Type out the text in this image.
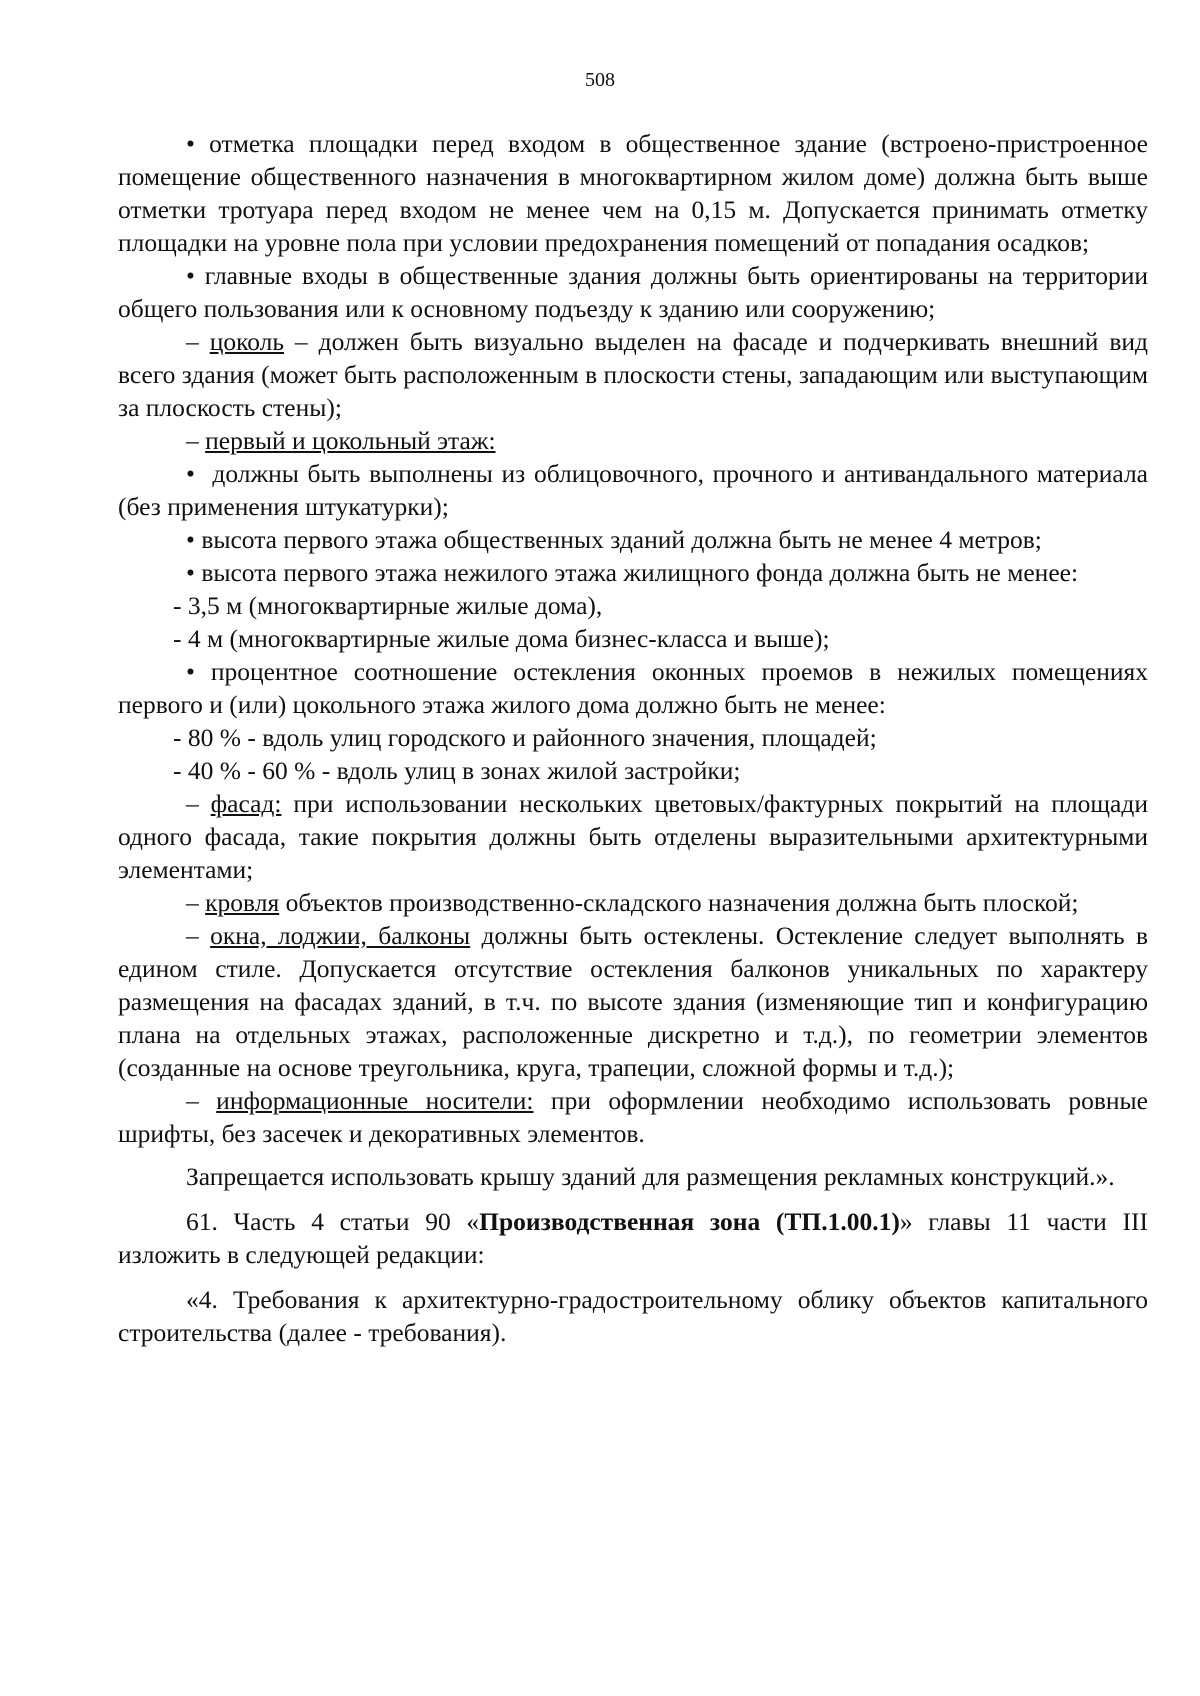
508

• отметка площадки перед входом в общественное здание (встроено-пристроенное помещение общественного назначения в многоквартирном жилом доме) должна быть выше отметки тротуара перед входом не менее чем на 0,15 м. Допускается принимать отметку площадки на уровне пола при условии предохранения помещений от попадания осадков;

• главные входы в общественные здания должны быть ориентированы на территории общего пользования или к основному подъезду к зданию или сооружению;

– цоколь – должен быть визуально выделен на фасаде и подчеркивать внешний вид всего здания (может быть расположенным в плоскости стены, западающим или выступающим за плоскость стены);

– первый и цокольный этаж:

• должны быть выполнены из облицовочного, прочного и антивандального материала (без применения штукатурки);

• высота первого этажа общественных зданий должна быть не менее 4 метров;

• высота первого этажа нежилого этажа жилищного фонда должна быть не менее:

- 3,5 м (многоквартирные жилые дома),

- 4 м (многоквартирные жилые дома бизнес-класса и выше);

• процентное соотношение остекления оконных проемов в нежилых помещениях первого и (или) цокольного этажа жилого дома должно быть не менее:

- 80 % - вдоль улиц городского и районного значения, площадей;

- 40 % - 60 % - вдоль улиц в зонах жилой застройки;

– фасад: при использовании нескольких цветовых/фактурных покрытий на площади одного фасада, такие покрытия должны быть отделены выразительными архитектурными элементами;

– кровля объектов производственно-складского назначения должна быть плоской;

– окна, лоджии, балконы должны быть остеклены. Остекление следует выполнять в едином стиле. Допускается отсутствие остекления балконов уникальных по характеру размещения на фасадах зданий, в т.ч. по высоте здания (изменяющие тип и конфигурацию плана на отдельных этажах, расположенные дискретно и т.д.), по геометрии элементов (созданные на основе треугольника, круга, трапеции, сложной формы и т.д.);

– информационные носители: при оформлении необходимо использовать ровные шрифты, без засечек и декоративных элементов.

Запрещается использовать крышу зданий для размещения рекламных конструкций.».

61. Часть 4 статьи 90 «Производственная зона (ТП.1.00.1)» главы 11 части III изложить в следующей редакции:

«4. Требования к архитектурно-градостроительному облику объектов капитального строительства (далее - требования).
